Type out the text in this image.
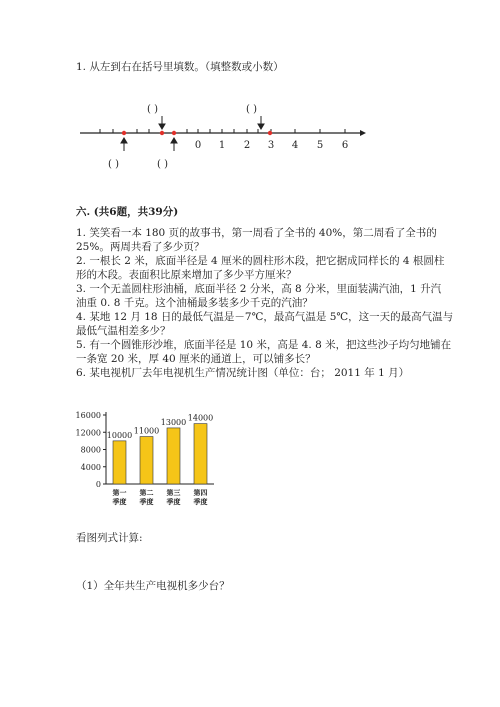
1. 从左到右在括号里填数。（填整数或小数）
( )	( )
( )	( )
0 1 2 3 4 5 6
六. (共6题，共39分)
1. 笑笑看一本 180 页的故事书，第一周看了全书的 40%，第二周看了全书的
25%。两周共看了多少页？
2. 一根长 2 米，底面半径是 4 厘米的圆柱形木段，把它据成同样长的 4 根圆柱
形的木段。表面积比原来增加了多少平方厘米？
3. 一个无盖圆柱形油桶，底面半径 2 分米，高 8 分米，里面装满汽油，1 升汽
油重 0. 8 千克。这个油桶最多装多少千克的汽油？
4. 某地 12 月 18 日的最低气温是－7℃，最高气温是 5℃，这一天的最高气温与
最低气温相差多少？
5. 有一个圆锥形沙堆，底面半径是 10 米，高是 4. 8 米，把这些沙子均匀地铺在
一条宽 20 米，厚 40 厘米的通道上，可以铺多长？
6. 某电视机厂去年电视机生产情况统计图（单位：台； 2011 年 1 月）
0
4000
8000
12000
16000
10000
第一
季度
11000
第二
季度
13000
第三
季度
14000
第四
季度
看图列式计算:
（1）全年共生产电视机多少台？
